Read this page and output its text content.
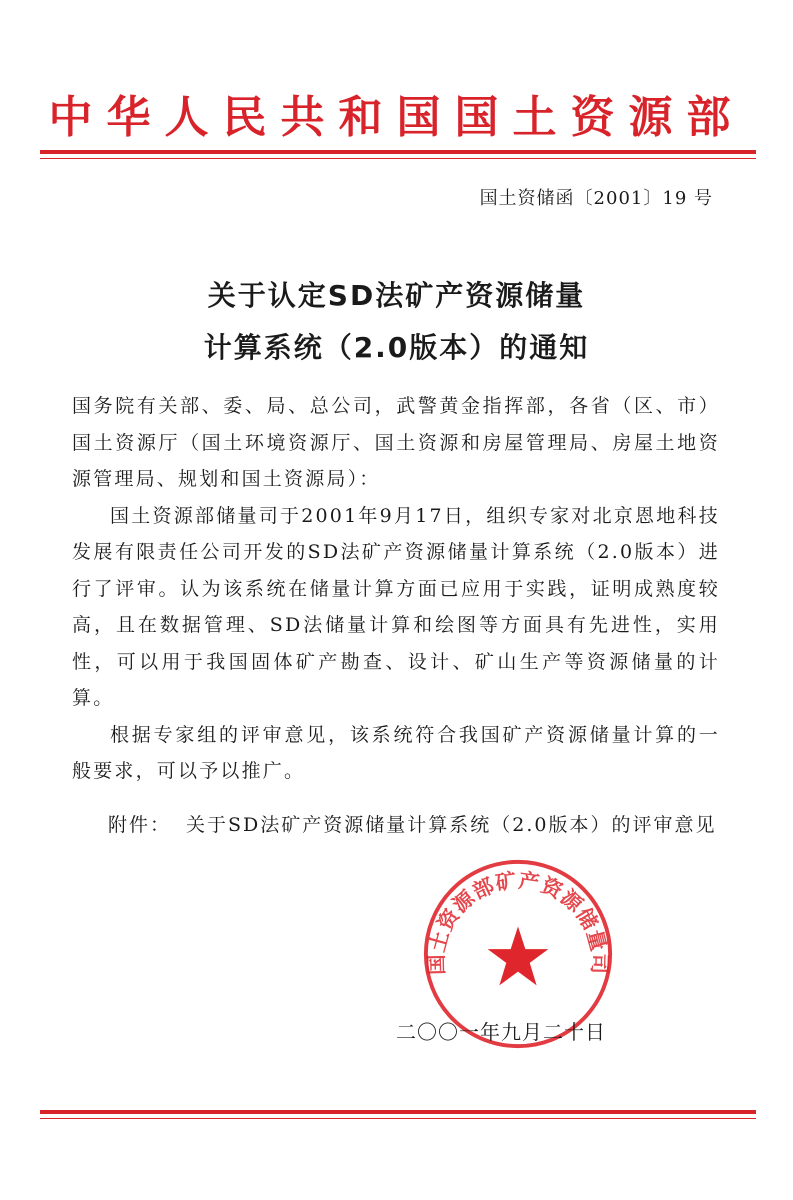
中华人民共和国国土资源部
国土资储函〔2001〕19 号
关于认定SD法矿产资源储量
计算系统（2.0版本）的通知

国务院有关部、委、局、总公司，武警黄金指挥部，各省（区、市）国土资源厅（国土环境资源厅、国土资源和房屋管理局、房屋土地资源管理局、规划和国土资源局）：

国土资源部储量司于2001年9月17日，组织专家对北京恩地科技发展有限责任公司开发的SD法矿产资源储量计算系统（2.0版本）进行了评审。认为该系统在储量计算方面已应用于实践，证明成熟度较高，且在数据管理、SD法储量计算和绘图等方面具有先进性，实用性，可以用于我国固体矿产勘查、设计、矿山生产等资源储量的计算。

根据专家组的评审意见，该系统符合我国矿产资源储量计算的一般要求，可以予以推广。

附件： 关于SD法矿产资源储量计算系统（2.0版本）的评审意见
国土资源部矿产资源储量司
二〇〇一年九月二十日
